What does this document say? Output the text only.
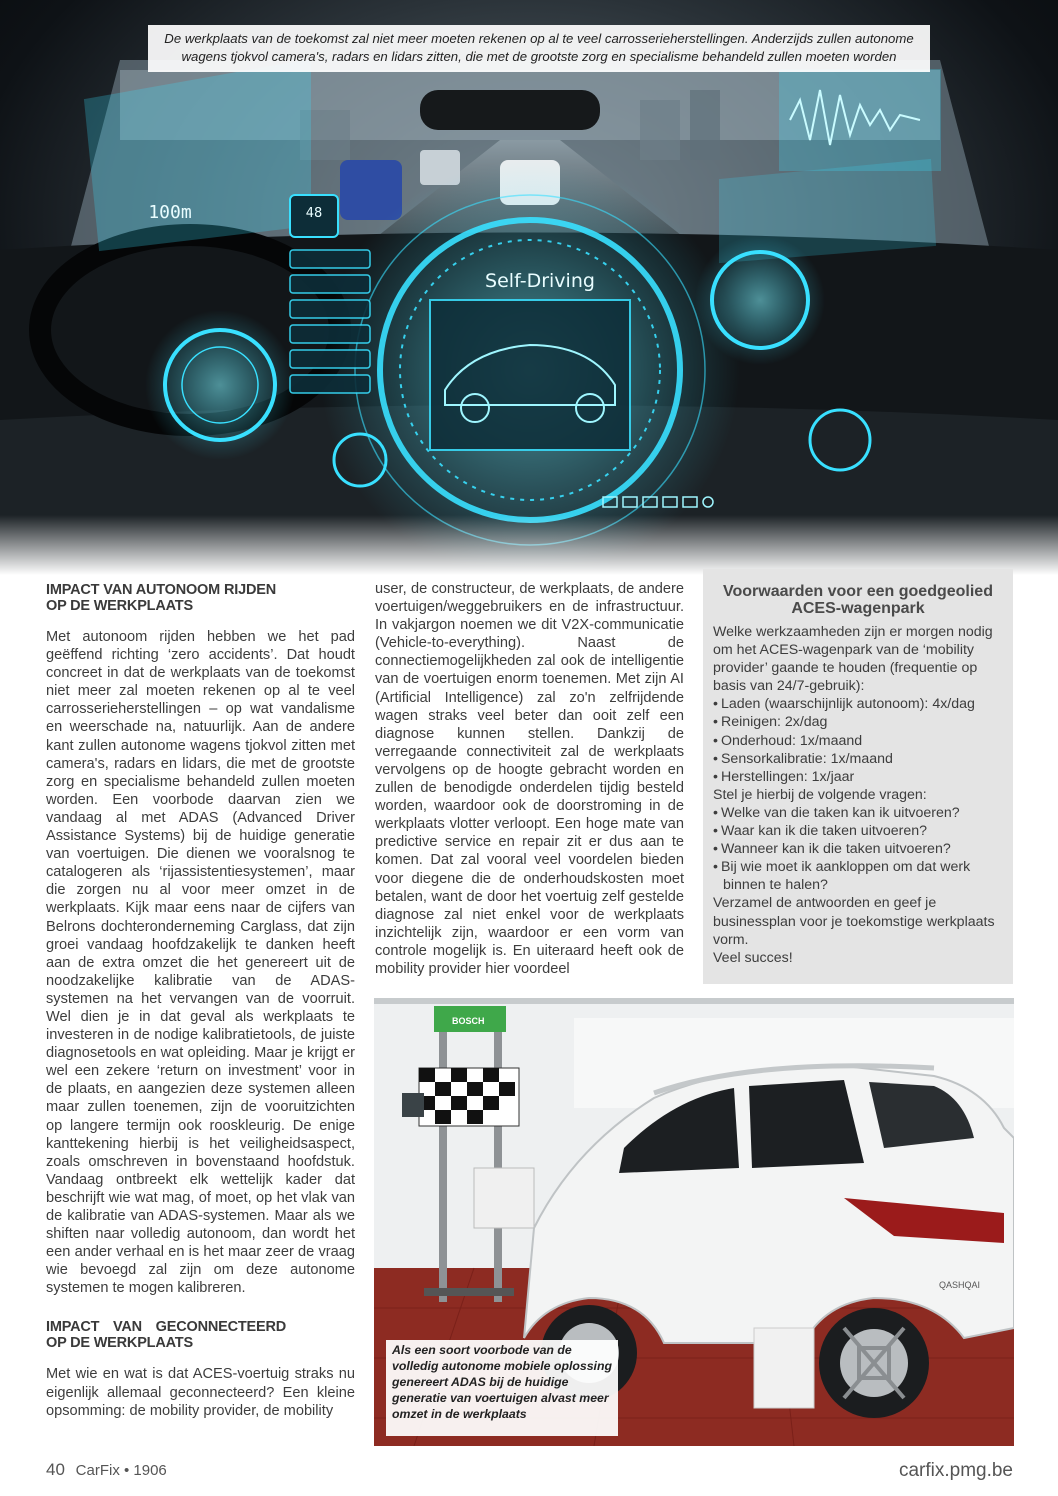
Self-Driving
48
100m
De werkplaats van de toekomst zal niet meer moeten rekenen op al te veel carrosserieherstellingen. Anderzijds zullen autonome wagens tjokvol camera's, radars en lidars zitten, die met de grootste zorg en specialisme behandeld zullen moeten worden
IMPACT VAN AUTONOOM RIJDEN OP DE WERKPLAATS

Met autonoom rijden hebben we het pad geëffend richting ‘zero accidents’. Dat houdt concreet in dat de werkplaats van de toekomst niet meer zal moeten rekenen op al te veel carrosserieherstellingen – op wat vandalisme en weerschade na, natuurlijk. Aan de andere kant zullen autonome wagens tjokvol zitten met camera's, radars en lidars, die met de grootste zorg en specialisme behandeld zullen moeten worden. Een voorbode daarvan zien we vandaag al met ADAS (Advanced Driver Assistance Systems) bij de huidige generatie van voertuigen. Die dienen we vooralsnog te catalogeren als ‘rijassistentiesystemen’, maar die zorgen nu al voor meer omzet in de werkplaats. Kijk maar eens naar de cijfers van Belrons dochteronderneming Carglass, dat zijn groei vandaag hoofdzakelijk te danken heeft aan de extra omzet die het genereert uit de noodzakelijke kalibratie van de ADAS-systemen na het vervangen van de voorruit. Wel dien je in dat geval als werkplaats te investeren in de nodige kalibratietools, de juiste diagnosetools en wat opleiding. Maar je krijgt er wel een zekere ‘return on investment’ voor in de plaats, en aangezien deze systemen alleen maar zullen toenemen, zijn de vooruitzichten op langere termijn ook rooskleurig. De enige kanttekening hierbij is het veiligheidsaspect, zoals omschreven in bovenstaand hoofdstuk. Vandaag ontbreekt elk wettelijk kader dat beschrijft wie wat mag, of moet, op het vlak van de kalibratie van ADAS-systemen. Maar als we shiften naar volledig autonoom, dan wordt het een ander verhaal en is het maar zeer de vraag wie bevoegd zal zijn om deze autonome systemen te mogen kalibreren.

IMPACT VAN GECONNECTEERD OP DE WERKPLAATS

Met wie en wat is dat ACES-voertuig straks nu eigenlijk allemaal geconnecteerd? Een kleine opsomming: de mobility provider, de mobility

user, de constructeur, de werkplaats, de andere voertuigen/weggebruikers en de infrastructuur. In vakjargon noemen we dit V2X-communicatie (Vehicle-to-everything). Naast de connectiemogelijkheden zal ook de intelligentie van de voertuigen enorm toenemen. Met zijn AI (Artificial Intelligence) zal zo'n zelfrijdende wagen straks veel beter dan ooit zelf een diagnose kunnen stellen. Dankzij de verregaande connectiviteit zal de werkplaats vervolgens op de hoogte gebracht worden en zullen de benodigde onderdelen tijdig besteld worden, waardoor ook de doorstroming in de werkplaats vlotter verloopt. Een hoge mate van predictive service en repair zit er dus aan te komen. Dat zal vooral veel voordelen bieden voor diegene die de onderhoudskosten moet betalen, want de door het voertuig zelf gestelde diagnose zal niet enkel voor de werkplaats inzichtelijk zijn, waardoor er een vorm van controle mogelijk is. En uiteraard heeft ook de mobility provider hier voordeel

Voorwaarden voor een goedgeolied ACES-wagenpark
Welke werkzaamheden zijn er morgen nodig om het ACES-wagenpark van de ‘mobility provider’ gaande te houden (frequentie op basis van 24/7-gebruik):
• Laden (waarschijnlijk autonoom): 4x/dag
• Reinigen: 2x/dag
• Onderhoud: 1x/maand
• Sensorkalibratie: 1x/maand
• Herstellingen: 1x/jaar
Stel je hierbij de volgende vragen:
• Welke van die taken kan ik uitvoeren?
• Waar kan ik die taken uitvoeren?
• Wanneer kan ik die taken uitvoeren?
• Bij wie moet ik aankloppen om dat werk binnen te halen?
Verzamel de antwoorden en geef je businessplan voor je toekomstige werkplaats vorm.
Veel succes!
BOSCH
QASHQAI
Als een soort voorbode van de volledig autonome mobiele oplossing genereert ADAS bij de huidige generatie van voertuigen alvast meer omzet in de werkplaats
40 CarFix • 1906	carfix.pmg.be
